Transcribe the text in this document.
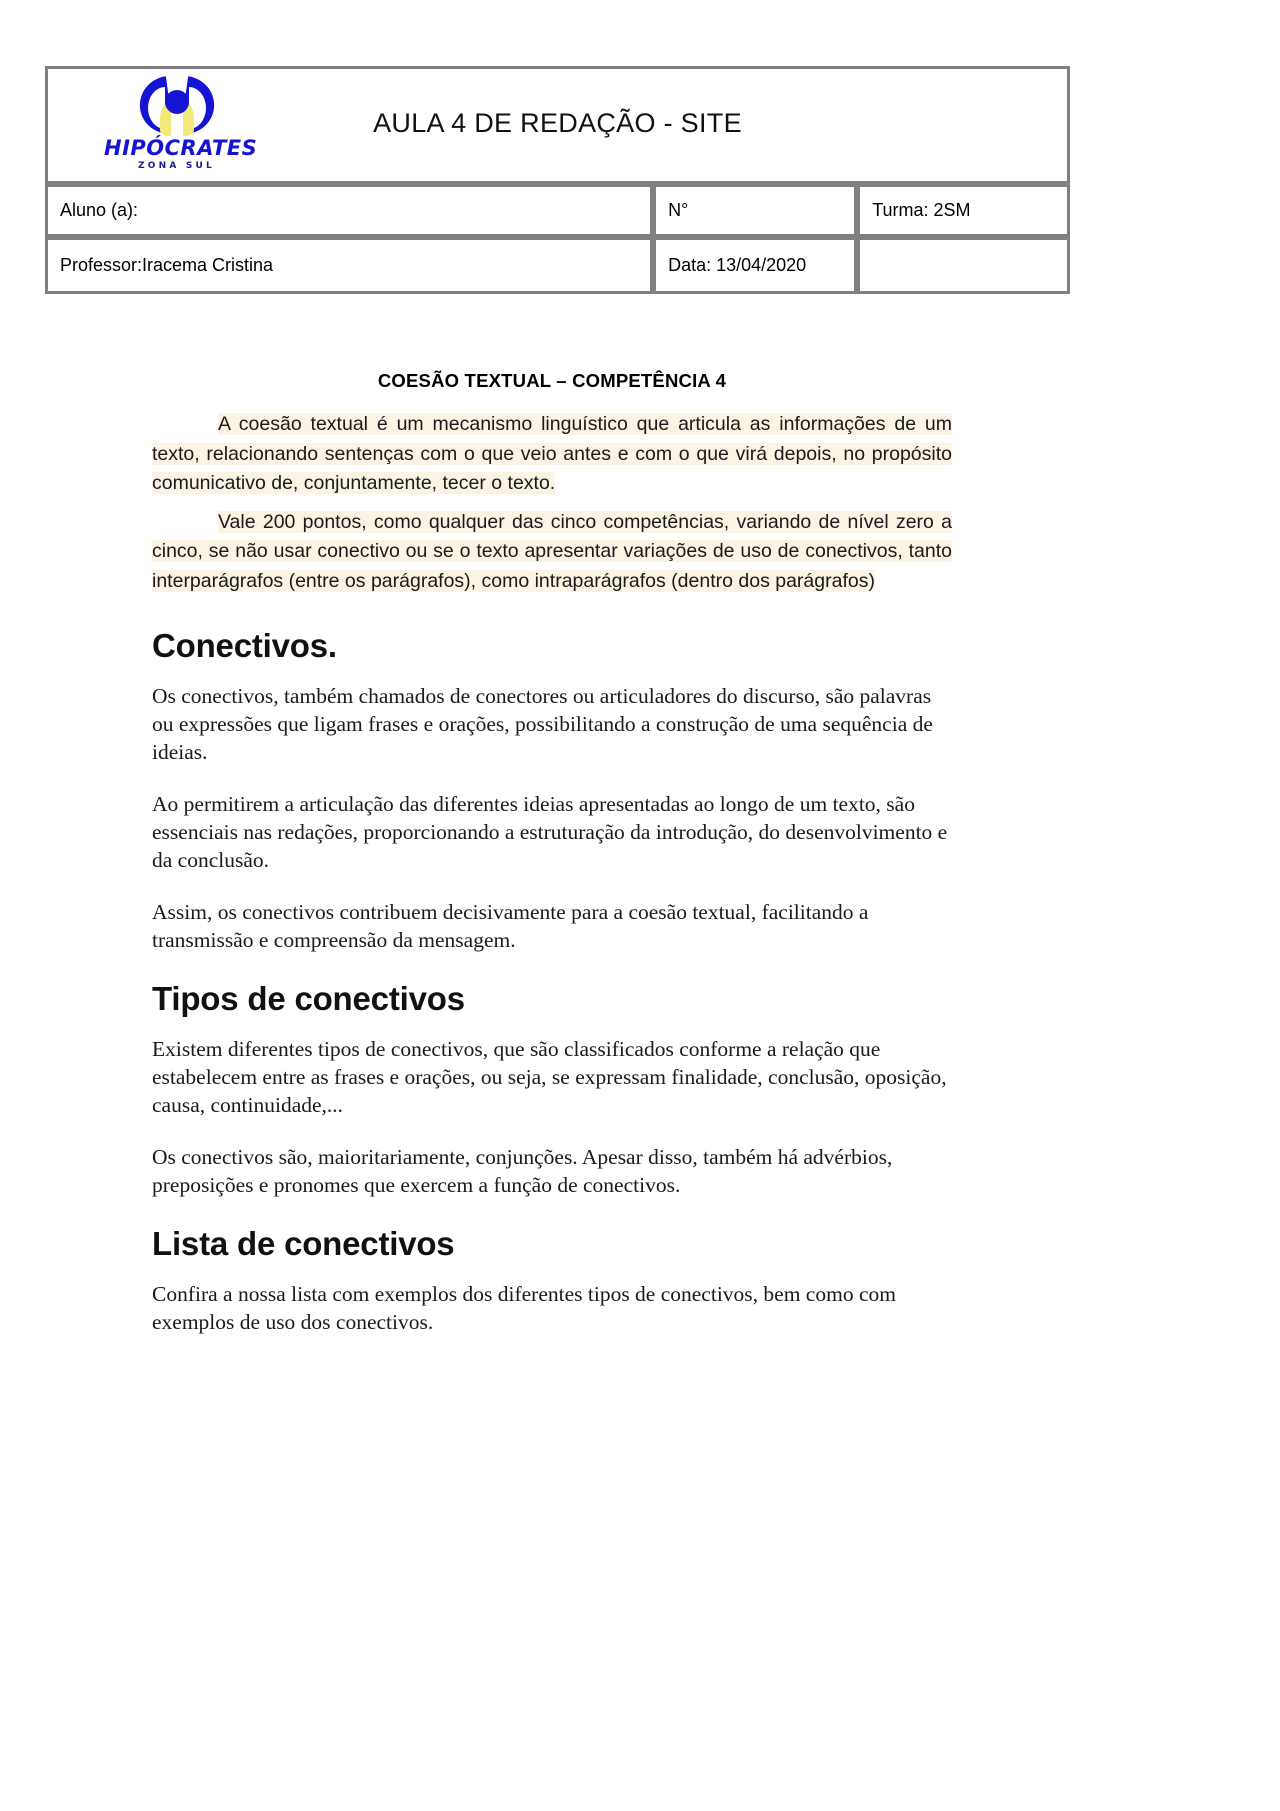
HIPÓCRATES
ZONA SUL
AULA 4 DE REDAÇÃO - SITE		

Aluno (a):	N°	Turma: 2SM

Professor:Iracema Cristina	Data: 13/04/2020	

COESÃO TEXTUAL – COMPETÊNCIA 4

A coesão textual é um mecanismo linguístico que articula as informações de um texto, relacionando sentenças com o que veio antes e com o que virá depois, no propósito comunicativo de, conjuntamente, tecer o texto.

Vale 200 pontos, como qualquer das cinco competências, variando de nível zero a cinco, se não usar conectivo ou se o texto apresentar variações de uso de conectivos, tanto interparágrafos (entre os parágrafos), como intraparágrafos (dentro dos parágrafos)

Conectivos.

Os conectivos, também chamados de conectores ou articuladores do discurso, são palavras ou expressões que ligam frases e orações, possibilitando a construção de uma sequência de ideias.

Ao permitirem a articulação das diferentes ideias apresentadas ao longo de um texto, são essenciais nas redações, proporcionando a estruturação da introdução, do desenvolvimento e da conclusão.

Assim, os conectivos contribuem decisivamente para a coesão textual, facilitando a transmissão e compreensão da mensagem.

Tipos de conectivos

Existem diferentes tipos de conectivos, que são classificados conforme a relação que estabelecem entre as frases e orações, ou seja, se expressam finalidade, conclusão, oposição, causa, continuidade,...

Os conectivos são, maioritariamente, conjunções. Apesar disso, também há advérbios, preposições e pronomes que exercem a função de conectivos.

Lista de conectivos

Confira a nossa lista com exemplos dos diferentes tipos de conectivos, bem como com exemplos de uso dos conectivos.
